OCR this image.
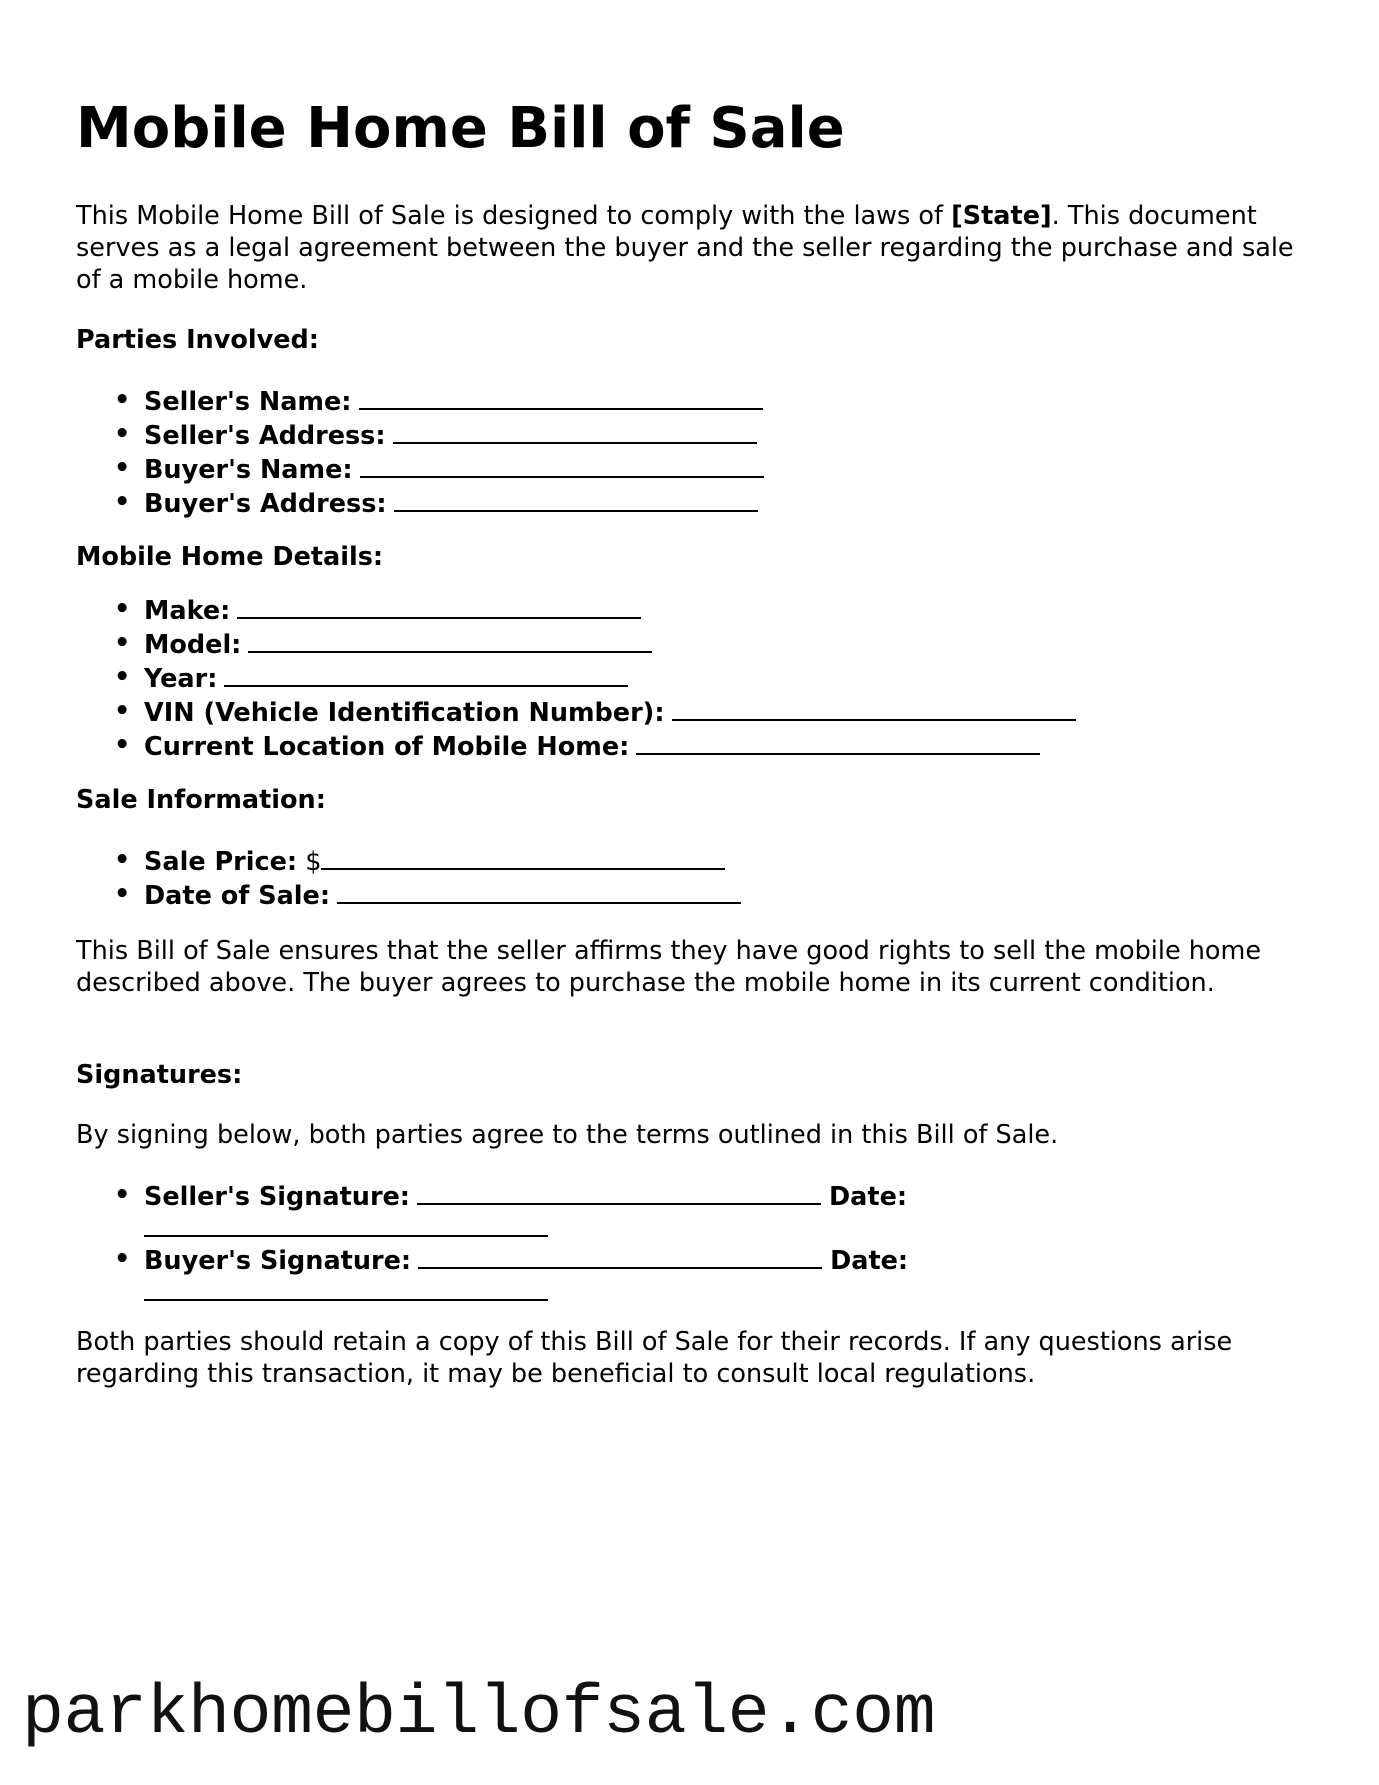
Mobile Home Bill of Sale

This Mobile Home Bill of Sale is designed to comply with the laws of [State]. This document serves as a legal agreement between the buyer and the seller regarding the purchase and sale of a mobile home.

Parties Involved:
• Seller's Name:
• Seller's Address:
• Buyer's Name:
• Buyer's Address:
Mobile Home Details:
• Make:
• Model:
• Year:
• VIN (Vehicle Identification Number):
• Current Location of Mobile Home:
Sale Information:
• Sale Price: $
• Date of Sale:

This Bill of Sale ensures that the seller affirms they have good rights to sell the mobile home described above. The buyer agrees to purchase the mobile home in its current condition.

Signatures:

By signing below, both parties agree to the terms outlined in this Bill of Sale.

• Seller's Signature:	Date:
• Buyer's Signature:	Date:

Both parties should retain a copy of this Bill of Sale for their records. If any questions arise regarding this transaction, it may be beneficial to consult local regulations.

parkhomebillofsale.com
